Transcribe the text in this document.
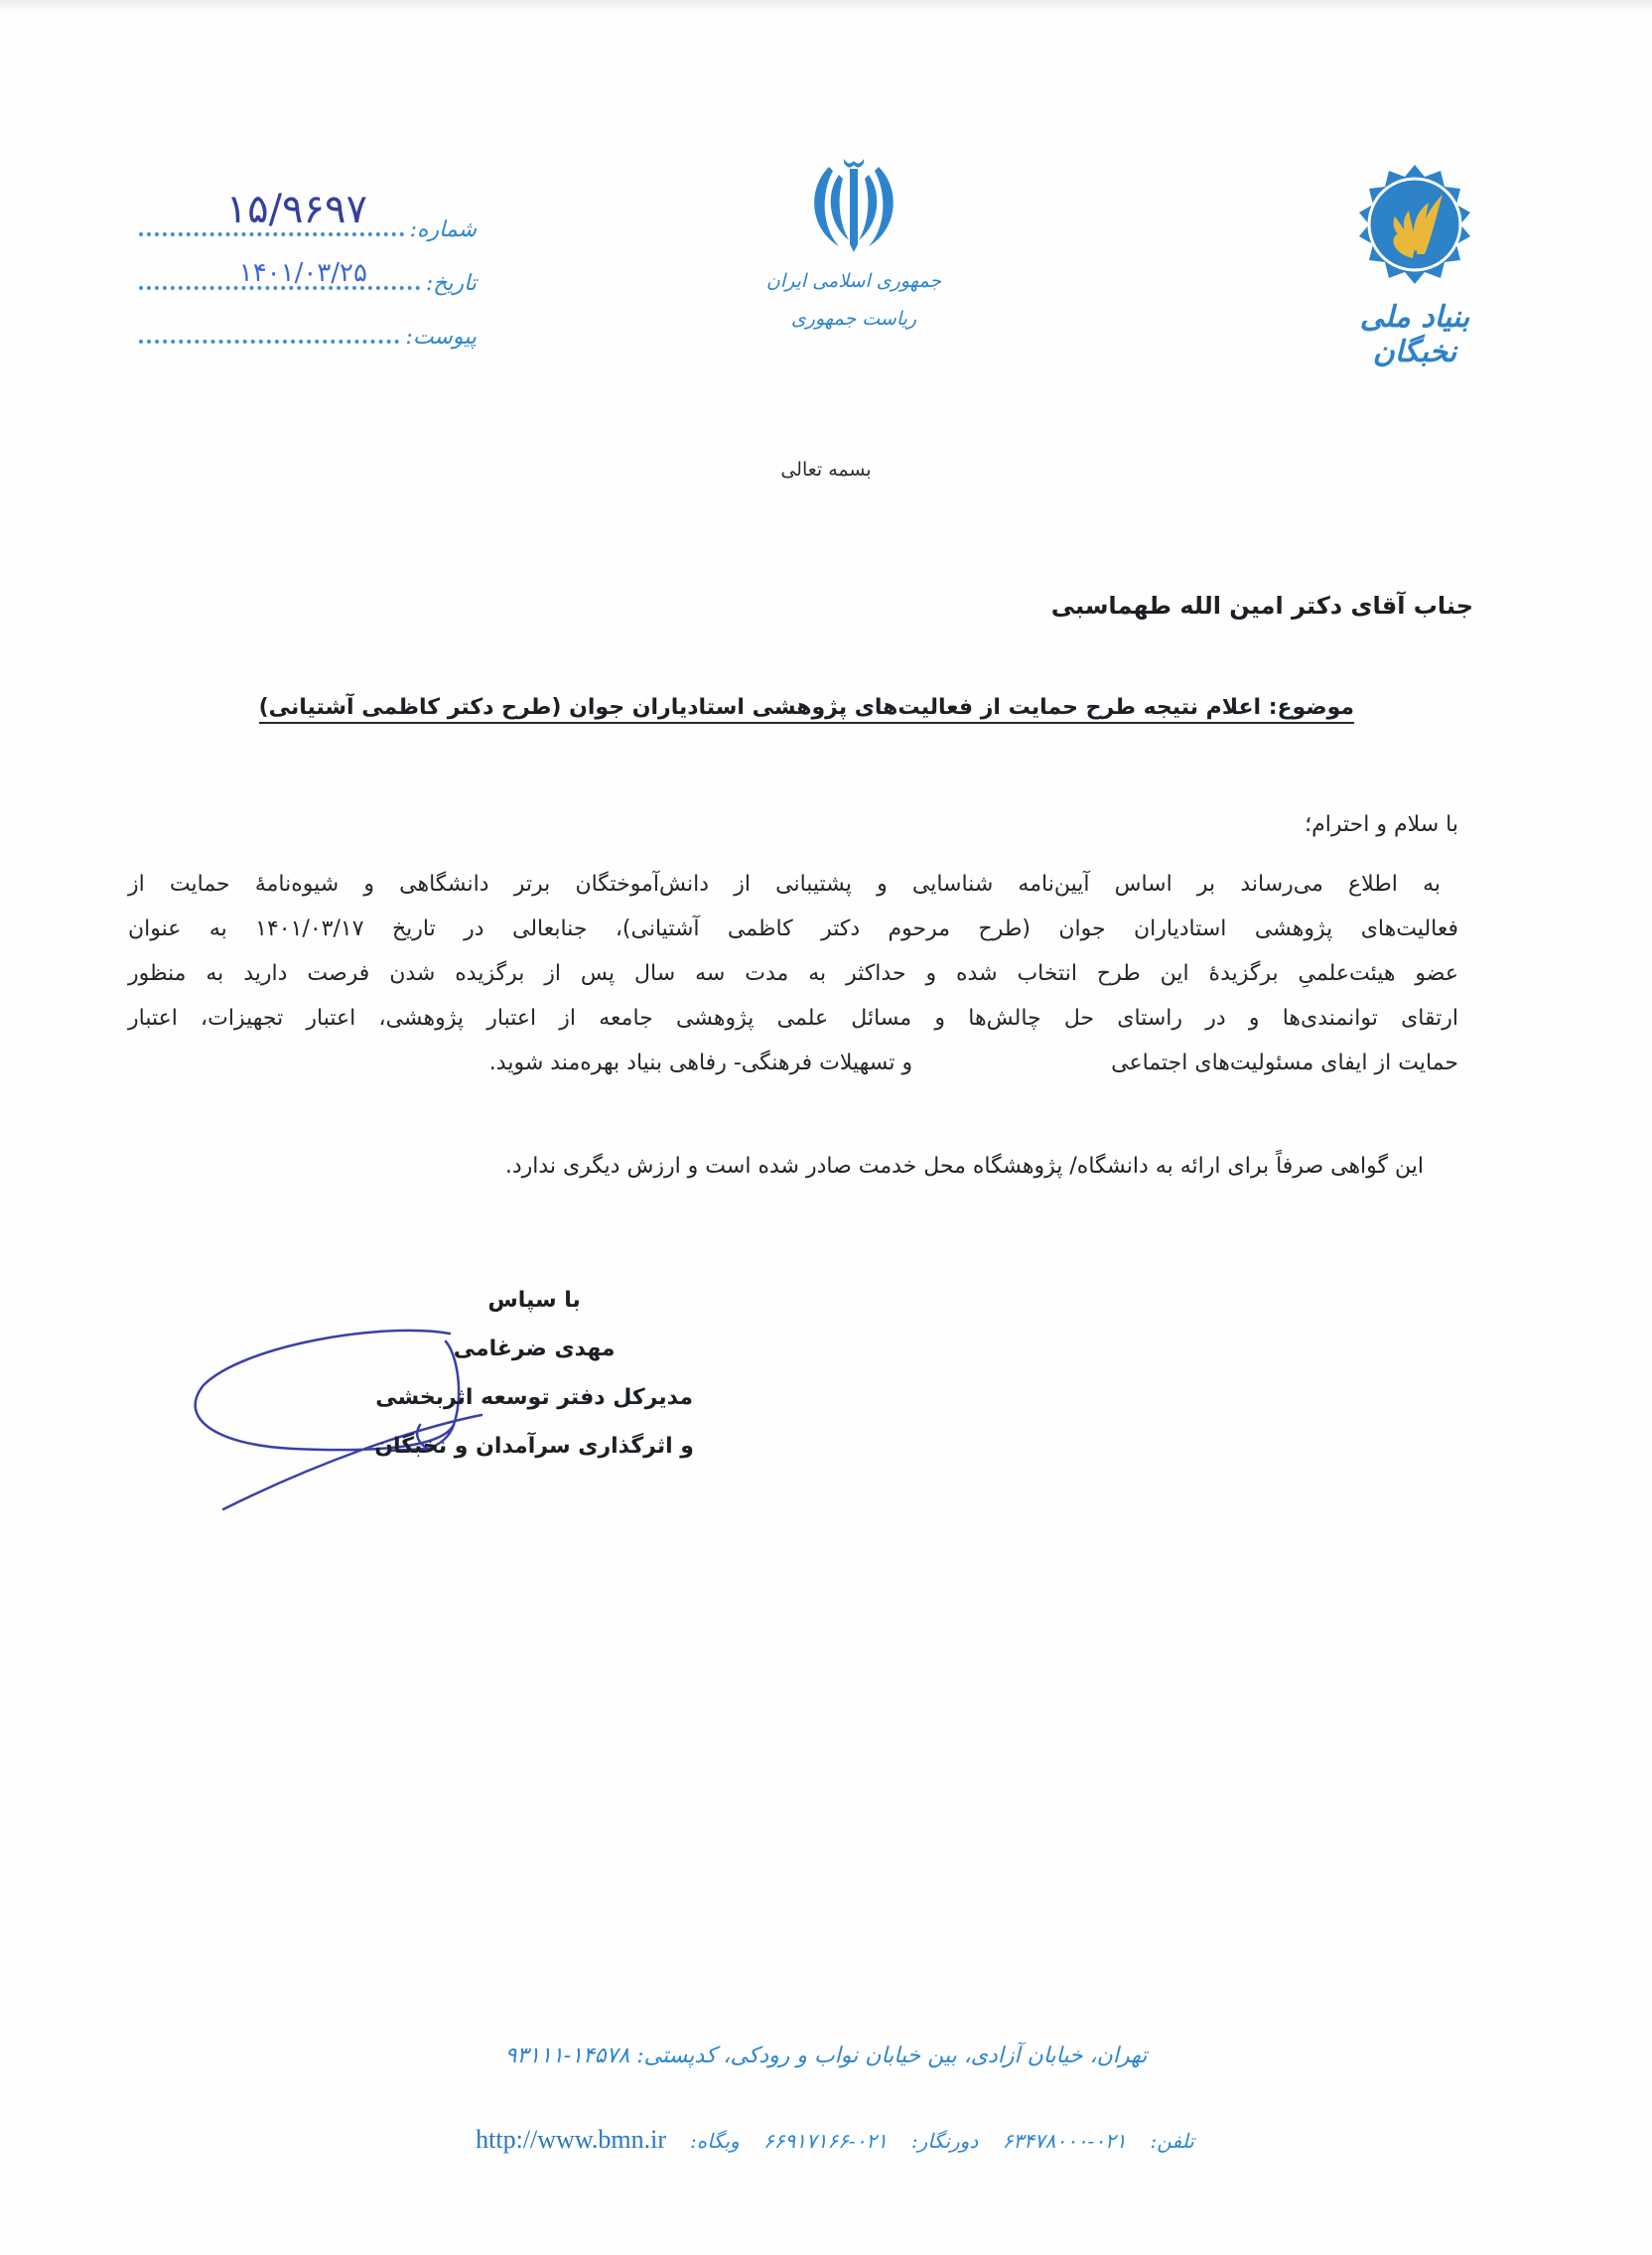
شماره:
۱۵/۹۶۹۷
تاریخ:
۱۴۰۱/۰۳/۲۵
پیوست:
جمهوری اسلامی ایران
ریاست جمهوری	بنیاد ملی نخبگان
بسمه تعالی
جناب آقای دکتر امین الله طهماسبی
موضوع: اعلام نتیجه طرح حمایت از فعالیت‌های پژوهشی استادیاران جوان (طرح دکتر کاظمی آشتیانی)
با سلام و احترام؛
به اطلاع می‌رساند بر اساس آیین‌نامه شناسایی و پشتیبانی از دانش‌آموختگان برتر دانشگاهی و شیوه‌نامۀ حمایت از
فعالیت‌های پژوهشی استادیاران جوان (طرح مرحوم دکتر کاظمی آشتیانی)، جنابعالی در تاریخ ۱۴۰۱/۰۳/۱۷ به عنوان
عضو هیئت‌علمیِ برگزیدۀ این طرح انتخاب شده و حداکثر به مدت سه سال پس از برگزیده شدن فرصت دارید به منظور
ارتقای توانمندی‌ها و در راستای حل چالش‌ها و مسائل علمی پژوهشی جامعه از اعتبار پژوهشی، اعتبار تجهیزات، اعتبار
حمایت از ایفای مسئولیت‌های اجتماعیو تسهیلات فرهنگی- رفاهی بنیاد بهره‌مند شوید.
این گواهی صرفاً برای ارائه به دانشگاه/ پژوهشگاه محل خدمت صادر شده است و ارزش دیگری ندارد.
با سپاس
مهدی ضرغامی
مدیرکل دفتر توسعه اثربخشی
و اثرگذاری سرآمدان و نخبگان
تهران، خیابان آزادی، بین خیابان نواب و رودکی، کدپستی: ۱۴۵۷۸-۹۳۱۱۱
تلفن:۰۲۱-۶۳۴۷۸۰۰۰ دورنگار:۰۲۱-۶۶۹۱۷۱۶۶ وبگاه:http://www.bmn.ir
